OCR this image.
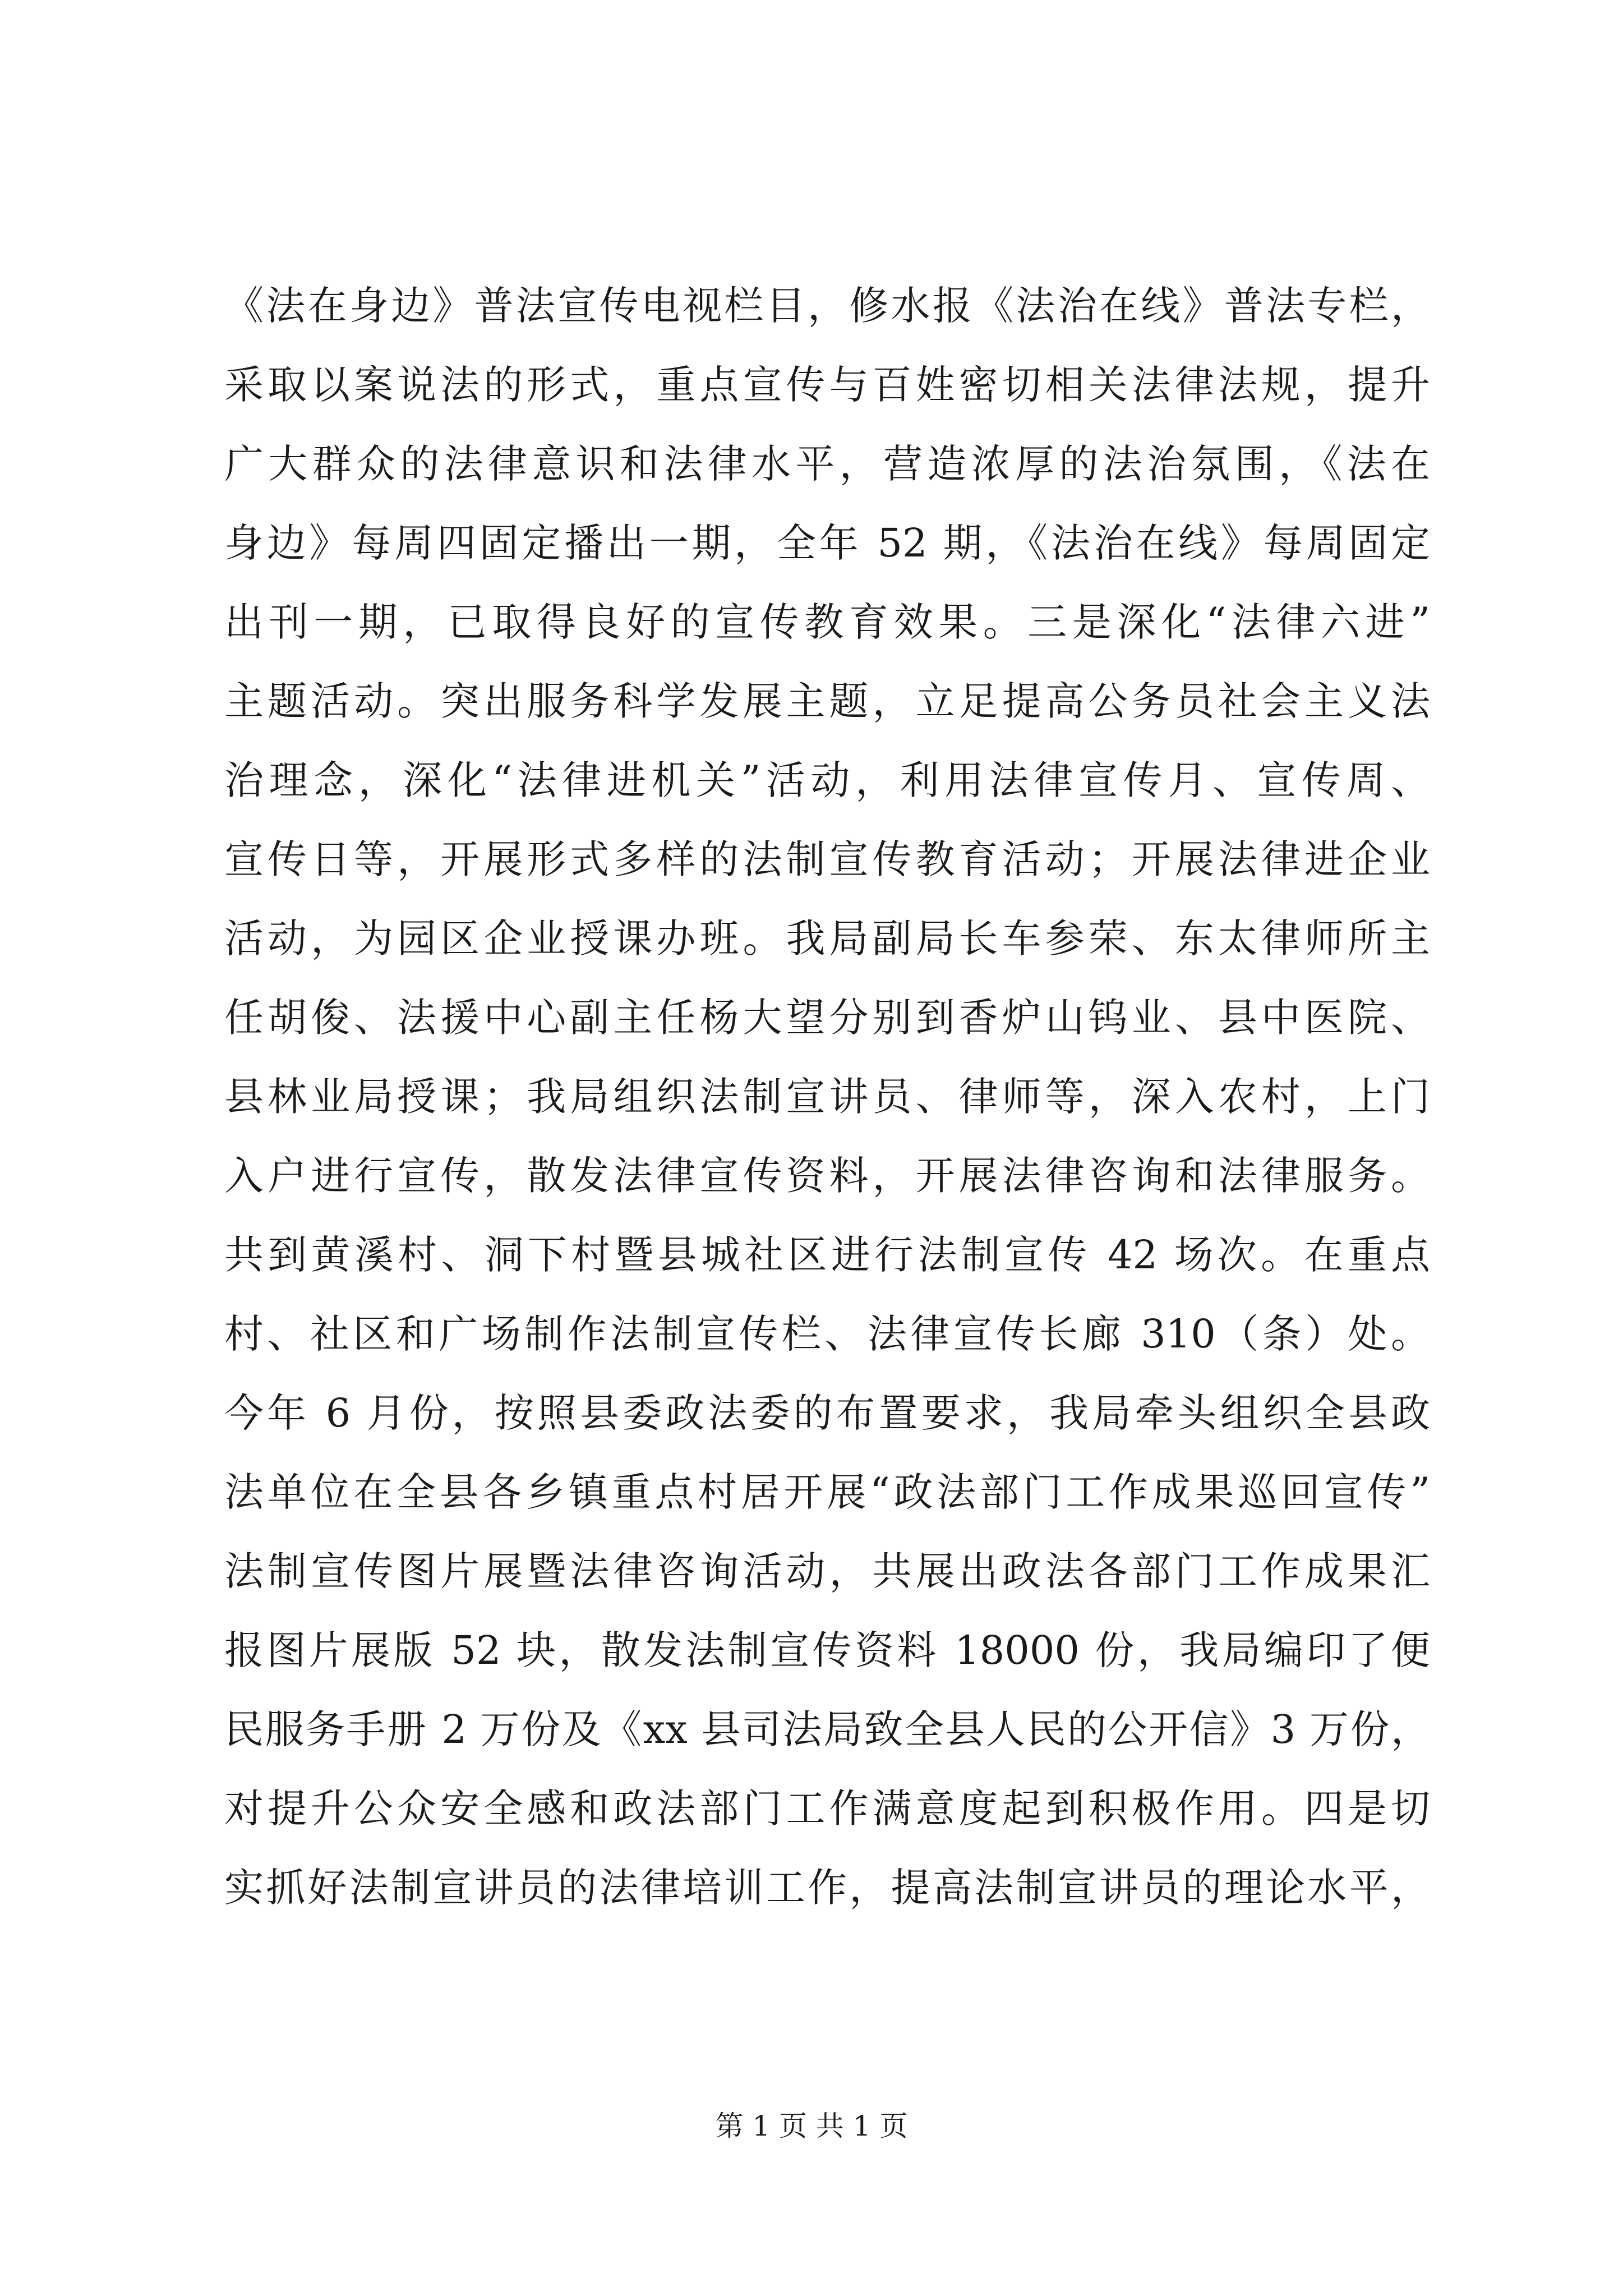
《法在身边》普法宣传电视栏目，修水报《法治在线》普法专栏，
采取以案说法的形式，重点宣传与百姓密切相关法律法规，提升
广大群众的法律意识和法律水平，营造浓厚的法治氛围，《法在
身边》每周四固定播出一期，全年 52 期，《法治在线》每周固定
出刊一期，已取得良好的宣传教育效果。三是深化“法律六进”
主题活动。突出服务科学发展主题，立足提高公务员社会主义法
治理念，深化“法律进机关”活动，利用法律宣传月、宣传周、
宣传日等，开展形式多样的法制宣传教育活动；开展法律进企业
活动，为园区企业授课办班。我局副局长车参荣、东太律师所主
任胡俊、法援中心副主任杨大望分别到香炉山钨业、县中医院、
县林业局授课；我局组织法制宣讲员、律师等，深入农村，上门
入户进行宣传，散发法律宣传资料，开展法律咨询和法律服务。
共到黄溪村、洞下村暨县城社区进行法制宣传 42 场次。在重点
村、社区和广场制作法制宣传栏、法律宣传长廊 310（条）处。
今年 6 月份，按照县委政法委的布置要求，我局牵头组织全县政
法单位在全县各乡镇重点村居开展“政法部门工作成果巡回宣传”
法制宣传图片展暨法律咨询活动，共展出政法各部门工作成果汇
报图片展版 52 块，散发法制宣传资料 18000 份，我局编印了便
民服务手册 2 万份及《xx 县司法局致全县人民的公开信》3 万份，
对提升公众安全感和政法部门工作满意度起到积极作用。四是切
实抓好法制宣讲员的法律培训工作，提高法制宣讲员的理论水平，
第 1 页 共 1 页
